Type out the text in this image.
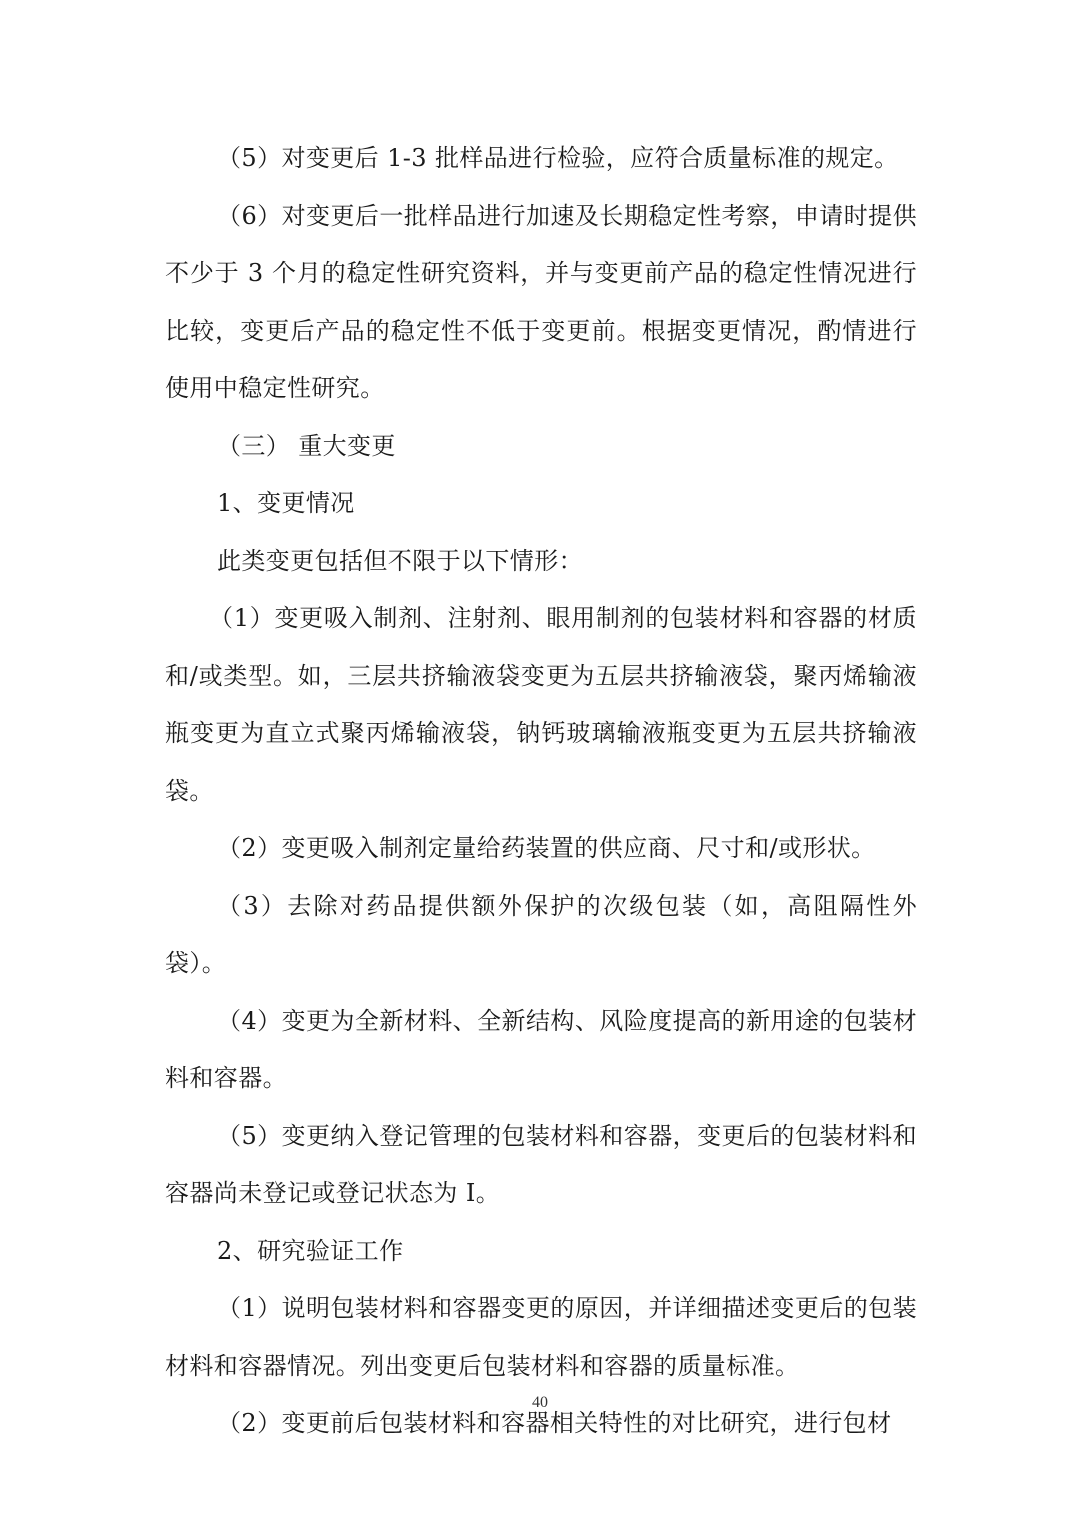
（5）对变更后 1-3 批样品进行检验，应符合质量标准的规定。

（6）对变更后一批样品进行加速及长期稳定性考察，申请时提供不少于 3 个月的稳定性研究资料，并与变更前产品的稳定性情况进行比较，变更后产品的稳定性不低于变更前。根据变更情况，酌情进行使用中稳定性研究。

（三） 重大变更

1、变更情况

此类变更包括但不限于以下情形：

（1）变更吸入制剂、注射剂、眼用制剂的包装材料和容器的材质和/或类型。如，三层共挤输液袋变更为五层共挤输液袋，聚丙烯输液瓶变更为直立式聚丙烯输液袋，钠钙玻璃输液瓶变更为五层共挤输液袋。

（2）变更吸入制剂定量给药装置的供应商、尺寸和/或形状。

（3）去除对药品提供额外保护的次级包装（如，高阻隔性外袋）。

（4）变更为全新材料、全新结构、风险度提高的新用途的包装材料和容器。

（5）变更纳入登记管理的包装材料和容器，变更后的包装材料和容器尚未登记或登记状态为 I。

2、研究验证工作

（1）说明包装材料和容器变更的原因，并详细描述变更后的包装材料和容器情况。列出变更后包装材料和容器的质量标准。

（2）变更前后包装材料和容器相关特性的对比研究，进行包材

40
